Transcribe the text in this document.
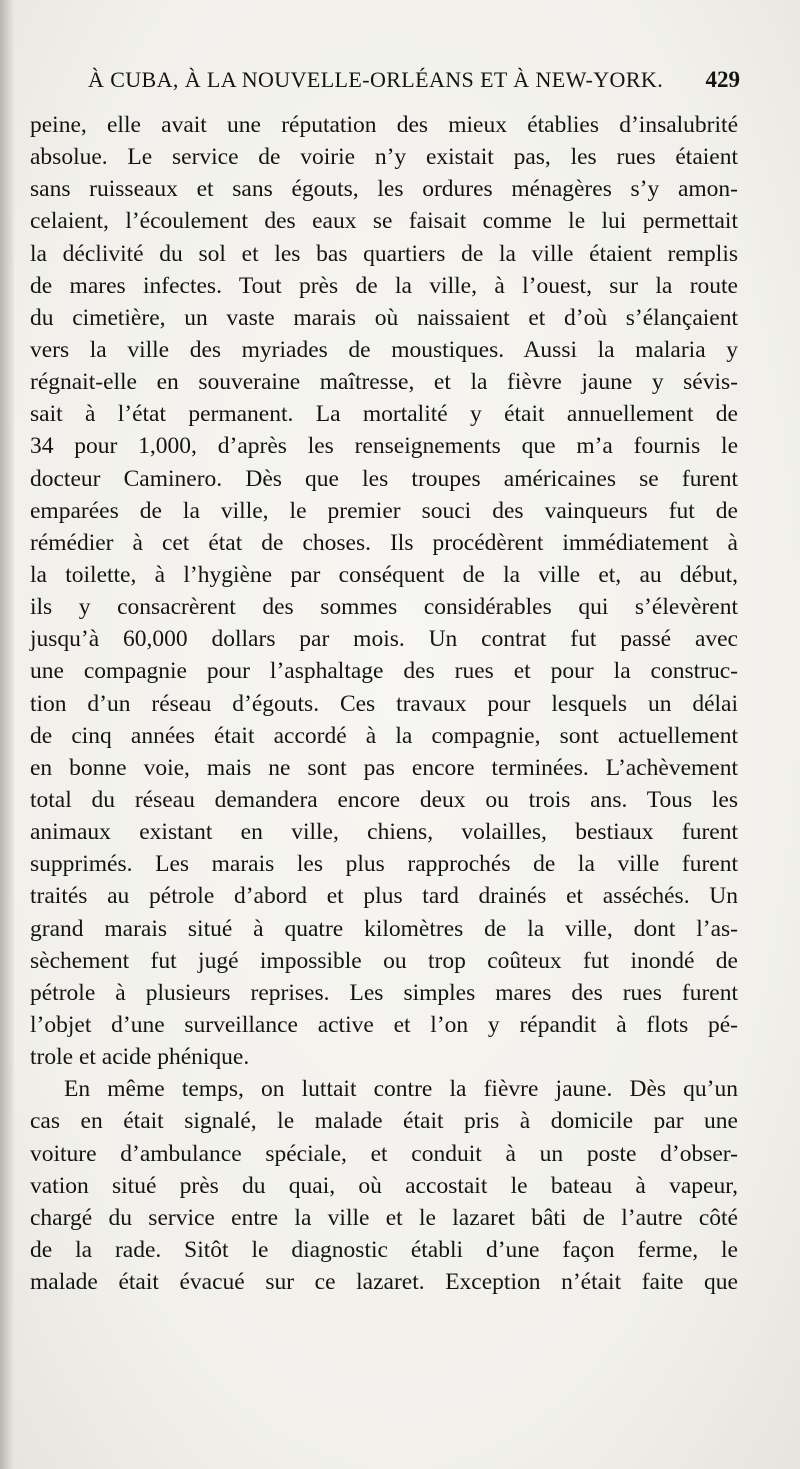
À CUBA, À LA NOUVELLE-ORLÉANS ET À NEW-YORK. 429
peine, elle avait une réputation des mieux établies d’insalubrité
absolue. Le service de voirie n’y existait pas, les rues étaient
sans ruisseaux et sans égouts, les ordures ménagères s’y amon-
celaient, l’écoulement des eaux se faisait comme le lui permettait
la déclivité du sol et les bas quartiers de la ville étaient remplis
de mares infectes. Tout près de la ville, à l’ouest, sur la route
du cimetière, un vaste marais où naissaient et d’où s’élançaient
vers la ville des myriades de moustiques. Aussi la malaria y
régnait-elle en souveraine maîtresse, et la fièvre jaune y sévis-
sait à l’état permanent. La mortalité y était annuellement de
34 pour 1,000, d’après les renseignements que m’a fournis le
docteur Caminero. Dès que les troupes américaines se furent
emparées de la ville, le premier souci des vainqueurs fut de
rémédier à cet état de choses. Ils procédèrent immédiatement à
la toilette, à l’hygiène par conséquent de la ville et, au début,
ils y consacrèrent des sommes considérables qui s’élevèrent
jusqu’à 60,000 dollars par mois. Un contrat fut passé avec
une compagnie pour l’asphaltage des rues et pour la construc-
tion d’un réseau d’égouts. Ces travaux pour lesquels un délai
de cinq années était accordé à la compagnie, sont actuellement
en bonne voie, mais ne sont pas encore terminées. L’achèvement
total du réseau demandera encore deux ou trois ans. Tous les
animaux existant en ville, chiens, volailles, bestiaux furent
supprimés. Les marais les plus rapprochés de la ville furent
traités au pétrole d’abord et plus tard drainés et asséchés. Un
grand marais situé à quatre kilomètres de la ville, dont l’as-
sèchement fut jugé impossible ou trop coûteux fut inondé de
pétrole à plusieurs reprises. Les simples mares des rues furent
l’objet d’une surveillance active et l’on y répandit à flots pé-
trole et acide phénique.
En même temps, on luttait contre la fièvre jaune. Dès qu’un
cas en était signalé, le malade était pris à domicile par une
voiture d’ambulance spéciale, et conduit à un poste d’obser-
vation situé près du quai, où accostait le bateau à vapeur,
chargé du service entre la ville et le lazaret bâti de l’autre côté
de la rade. Sitôt le diagnostic établi d’une façon ferme, le
malade était évacué sur ce lazaret. Exception n’était faite que
